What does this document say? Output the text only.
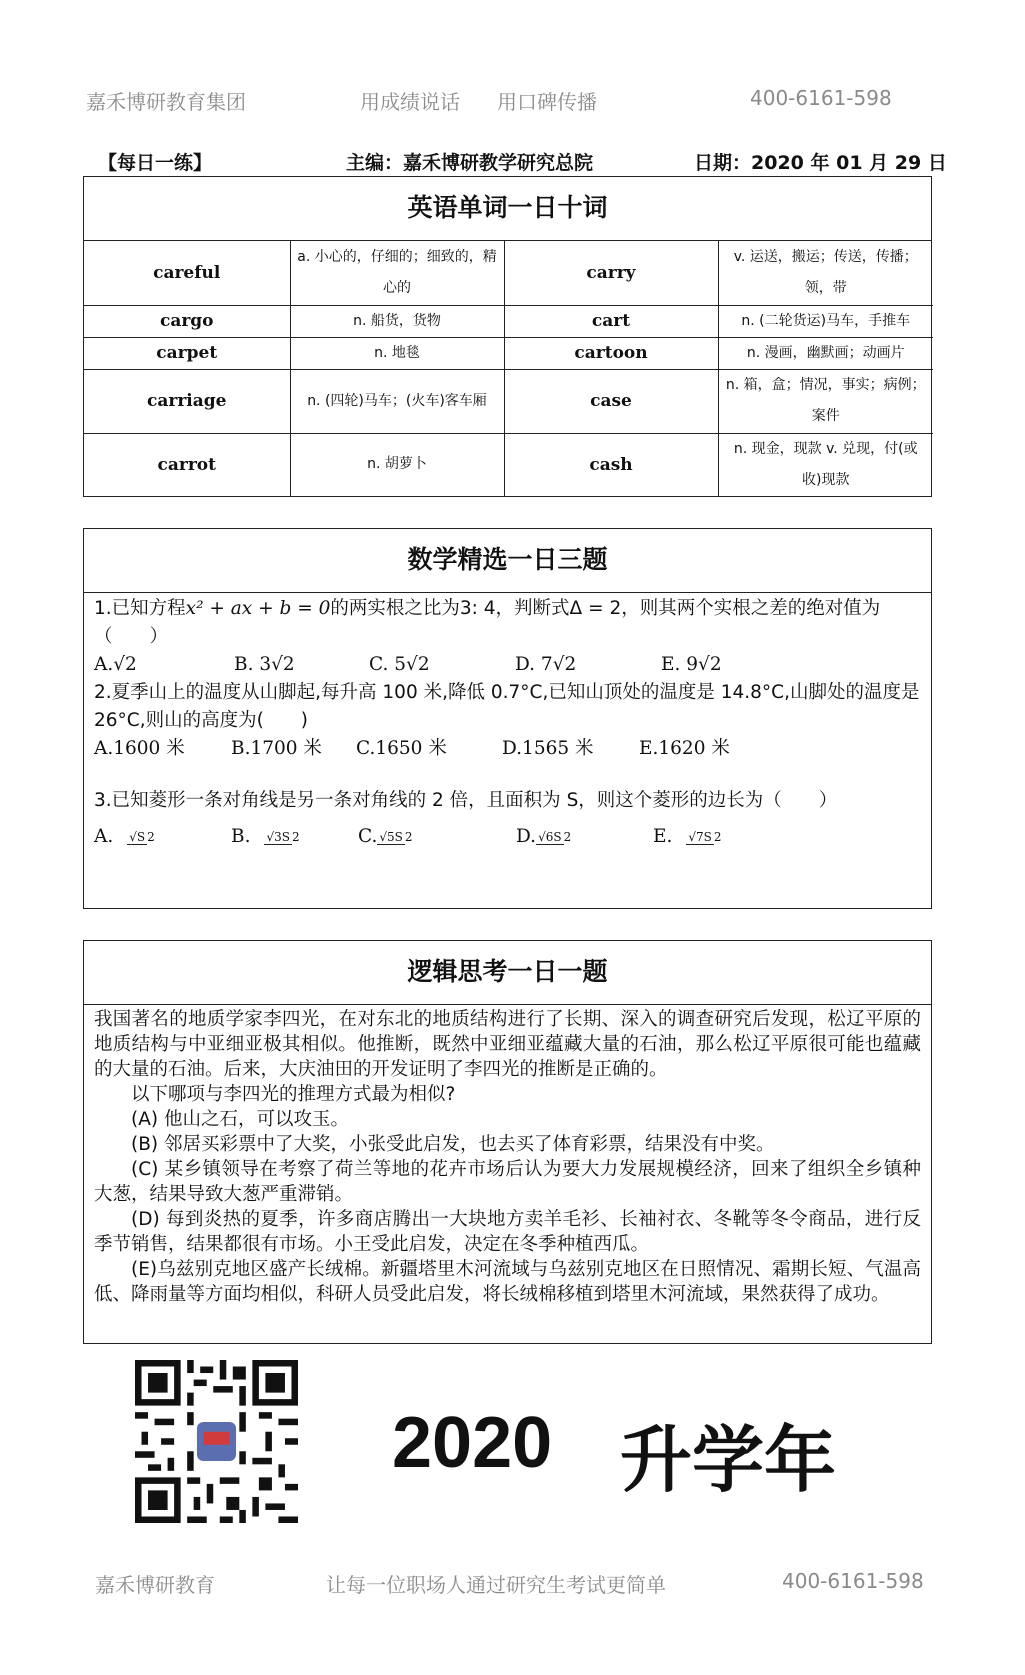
嘉禾博研教育集团	用成绩说话 用口碑传播	400-6161-598
【每日一练】	主编：嘉禾博研教学研究总院	日期：2020 年 01 月 29 日
英语单词一日十词
careful	a. 小心的，仔细的；细致的，精心的	carry	v. 运送，搬运；传送，传播；领，带
cargo	n. 船货，货物	cart	n. (二轮货运)马车，手推车
carpet	n. 地毯	cartoon	n. 漫画，幽默画；动画片
carriage	n. (四轮)马车；(火车)客车厢	case	n. 箱，盒；情况，事实；病例；案件
carrot	n. 胡萝卜	cash	n. 现金，现款 v. 兑现，付(或收)现款
数学精选一日三题
1.已知方程x² + ax + b = 0的两实根之比为3: 4，判断式Δ = 2，则其两个实根之差的绝对值为（　　）
A.√2	B. 3√2	C. 5√2	D. 7√2	E. 9√2
2.夏季山上的温度从山脚起,每升高 100 米,降低 0.7°C,已知山顶处的温度是 14.8°C,山脚处的温度是 26°C,则山的高度为(　　)
A.1600 米	B.1700 米	C.1650 米	D.1565 米	E.1620 米
3.已知菱形一条对角线是另一条对角线的 2 倍，且面积为 S，则这个菱形的边长为（　　）
A. √S 2	B. √3S 2	C. √5S 2	D. √6S 2	E. √7S 2
逻辑思考一日一题

我国著名的地质学家李四光，在对东北的地质结构进行了长期、深入的调查研究后发现，松辽平原的地质结构与中亚细亚极其相似。他推断，既然中亚细亚蕴藏大量的石油，那么松辽平原很可能也蕴藏的大量的石油。后来，大庆油田的开发证明了李四光的推断是正确的。

以下哪项与李四光的推理方式最为相似?

(A) 他山之石，可以攻玉。

(B) 邻居买彩票中了大奖，小张受此启发，也去买了体育彩票，结果没有中奖。

(C) 某乡镇领导在考察了荷兰等地的花卉市场后认为要大力发展规模经济，回来了组织全乡镇种大葱，结果导致大葱严重滞销。

(D) 每到炎热的夏季，许多商店腾出一大块地方卖羊毛衫、长袖衬衣、冬靴等冬令商品，进行反季节销售，结果都很有市场。小王受此启发，决定在冬季种植西瓜。

(E)乌兹别克地区盛产长绒棉。新疆塔里木河流域与乌兹别克地区在日照情况、霜期长短、气温高低、降雨量等方面均相似，科研人员受此启发，将长绒棉移植到塔里木河流域，果然获得了成功。

2020 升学年
嘉禾博研教育	让每一位职场人通过研究生考试更简单	400-6161-598
